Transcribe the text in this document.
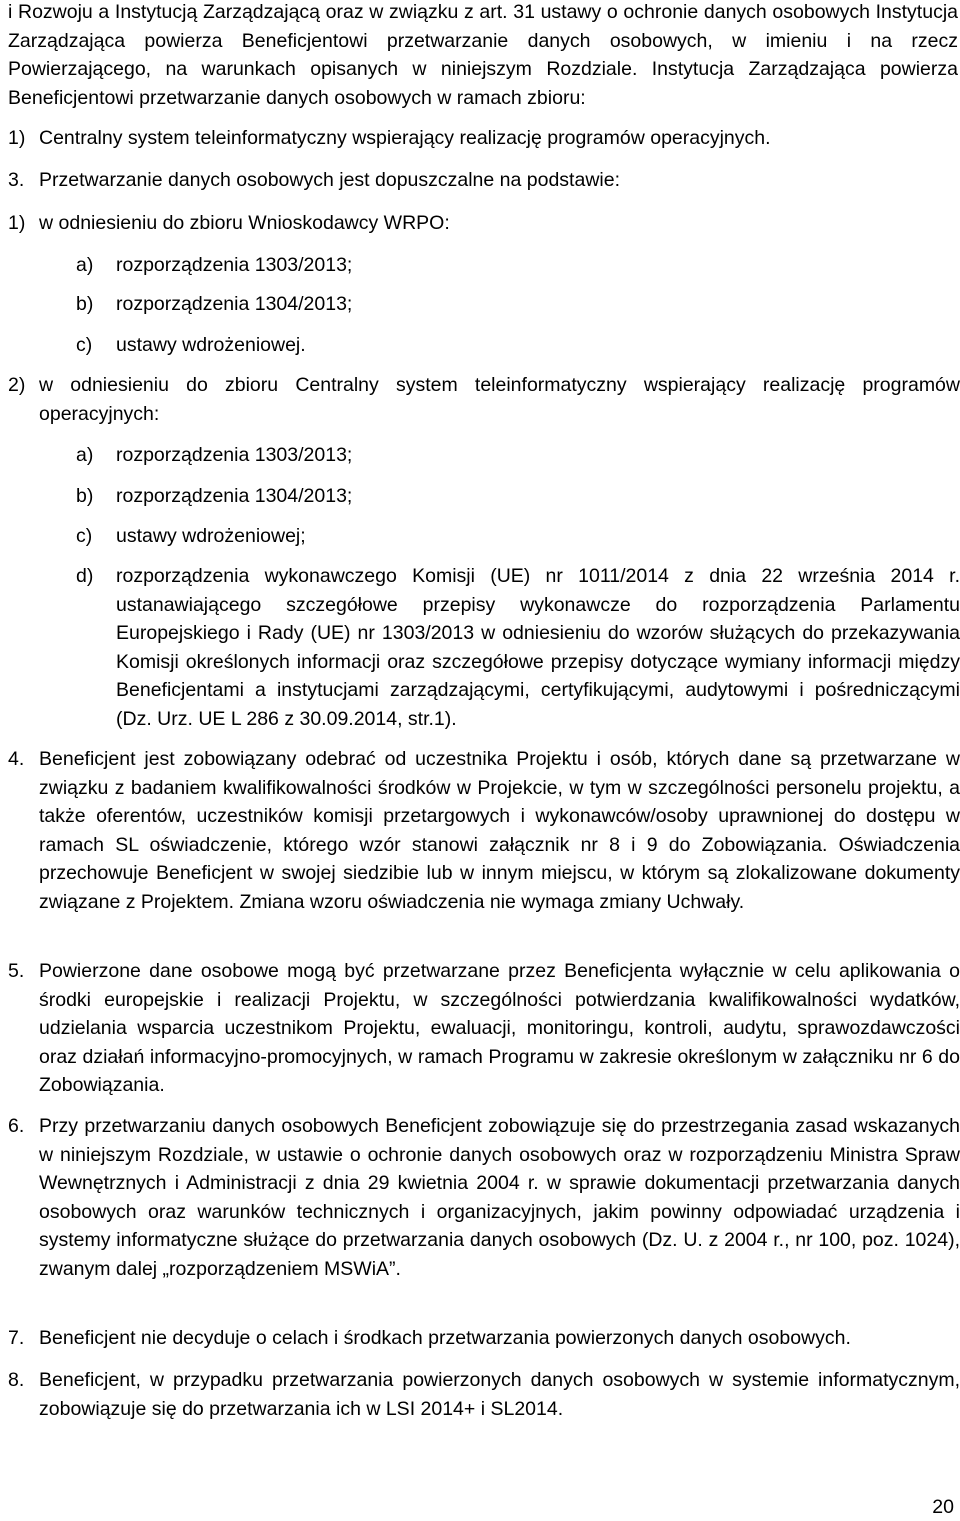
i Rozwoju a Instytucją Zarządzającą oraz w związku z art. 31 ustawy o ochronie danych osobowych Instytucja Zarządzająca powierza Beneficjentowi przetwarzanie danych osobowych, w imieniu i na rzecz Powierzającego, na warunkach opisanych w niniejszym Rozdziale. Instytucja Zarządzająca powierza Beneficjentowi przetwarzanie danych osobowych w ramach zbioru:
1) Centralny system teleinformatyczny wspierający realizację programów operacyjnych.
3. Przetwarzanie danych osobowych jest dopuszczalne na podstawie:
1) w odniesieniu do zbioru Wnioskodawcy WRPO:
a) rozporządzenia 1303/2013;
b) rozporządzenia 1304/2013;
c) ustawy wdrożeniowej.
2) w odniesieniu do zbioru Centralny system teleinformatyczny wspierający realizację programów operacyjnych:
a) rozporządzenia 1303/2013;
b) rozporządzenia 1304/2013;
c) ustawy wdrożeniowej;
d) rozporządzenia wykonawczego Komisji (UE) nr 1011/2014 z dnia 22 września 2014 r. ustanawiającego szczegółowe przepisy wykonawcze do rozporządzenia Parlamentu Europejskiego i Rady (UE) nr 1303/2013 w odniesieniu do wzorów służących do przekazywania Komisji określonych informacji oraz szczegółowe przepisy dotyczące wymiany informacji między Beneficjentami a instytucjami zarządzającymi, certyfikującymi, audytowymi i pośredniczącymi (Dz. Urz. UE L 286 z 30.09.2014, str.1).
4. Beneficjent jest zobowiązany odebrać od uczestnika Projektu i osób, których dane są przetwarzane w związku z badaniem kwalifikowalności środków w Projekcie, w tym w szczególności personelu projektu, a także oferentów, uczestników komisji przetargowych i wykonawców/osoby uprawnionej do dostępu w ramach SL oświadczenie, którego wzór stanowi załącznik nr 8 i 9 do Zobowiązania. Oświadczenia przechowuje Beneficjent w swojej siedzibie lub w innym miejscu, w którym są zlokalizowane dokumenty związane z Projektem. Zmiana wzoru oświadczenia nie wymaga zmiany Uchwały.
5. Powierzone dane osobowe mogą być przetwarzane przez Beneficjenta wyłącznie w celu aplikowania o środki europejskie i realizacji Projektu, w szczególności potwierdzania kwalifikowalności wydatków, udzielania wsparcia uczestnikom Projektu, ewaluacji, monitoringu, kontroli, audytu, sprawozdawczości oraz działań informacyjno-promocyjnych, w ramach Programu w zakresie określonym w załączniku nr 6 do Zobowiązania.
6. Przy przetwarzaniu danych osobowych Beneficjent zobowiązuje się do przestrzegania zasad wskazanych w niniejszym Rozdziale, w ustawie o ochronie danych osobowych oraz w rozporządzeniu Ministra Spraw Wewnętrznych i Administracji z dnia 29 kwietnia 2004 r. w sprawie dokumentacji przetwarzania danych osobowych oraz warunków technicznych i organizacyjnych, jakim powinny odpowiadać urządzenia i systemy informatyczne służące do przetwarzania danych osobowych (Dz. U. z 2004 r., nr 100, poz. 1024), zwanym dalej „rozporządzeniem MSWiA”.
7. Beneficjent nie decyduje o celach i środkach przetwarzania powierzonych danych osobowych.
8. Beneficjent, w przypadku przetwarzania powierzonych danych osobowych w systemie informatycznym, zobowiązuje się do przetwarzania ich w LSI 2014+ i SL2014.
20
